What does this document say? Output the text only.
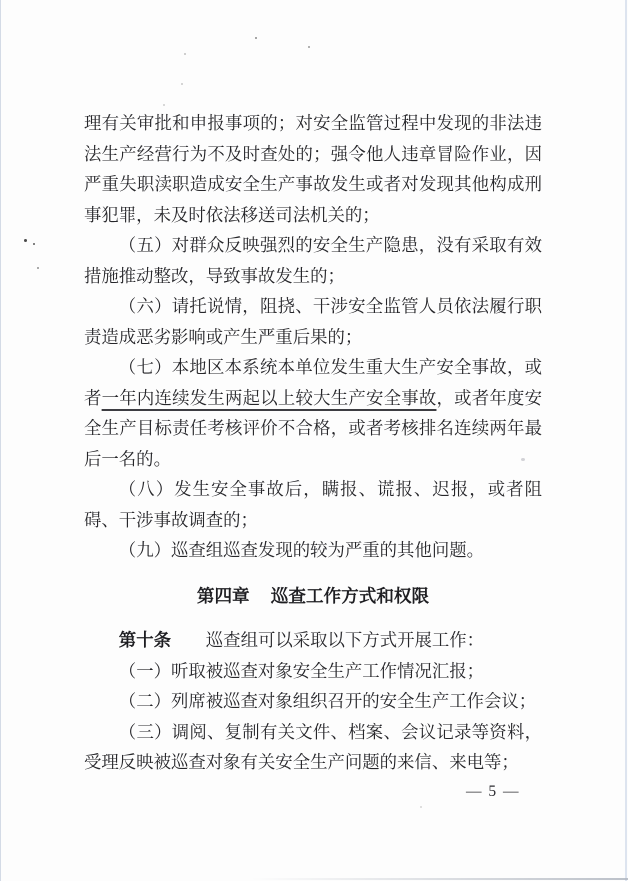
理有关审批和申报事项的；对安全监管过程中发现的非法违法生产经营行为不及时查处的；强令他人违章冒险作业，因严重失职渎职造成安全生产事故发生或者对发现其他构成刑事犯罪，未及时依法移送司法机关的；

（五）对群众反映强烈的安全生产隐患，没有采取有效措施推动整改，导致事故发生的；

（六）请托说情，阻挠、干涉安全监管人员依法履行职责造成恶劣影响或产生严重后果的；

（七）本地区本系统本单位发生重大生产安全事故，或者一年内连续发生两起以上较大生产安全事故，或者年度安全生产目标责任考核评价不合格，或者考核排名连续两年最后一名的。

（八）发生安全事故后，瞒报、谎报、迟报，或者阻碍、干涉事故调查的；

（九）巡查组巡查发现的较为严重的其他问题。

第四章 巡查工作方式和权限

第十条 巡查组可以采取以下方式开展工作：

（一）听取被巡查对象安全生产工作情况汇报；

（二）列席被巡查对象组织召开的安全生产工作会议；

（三）调阅、复制有关文件、档案、会议记录等资料，受理反映被巡查对象有关安全生产问题的来信、来电等；

— 5 —
